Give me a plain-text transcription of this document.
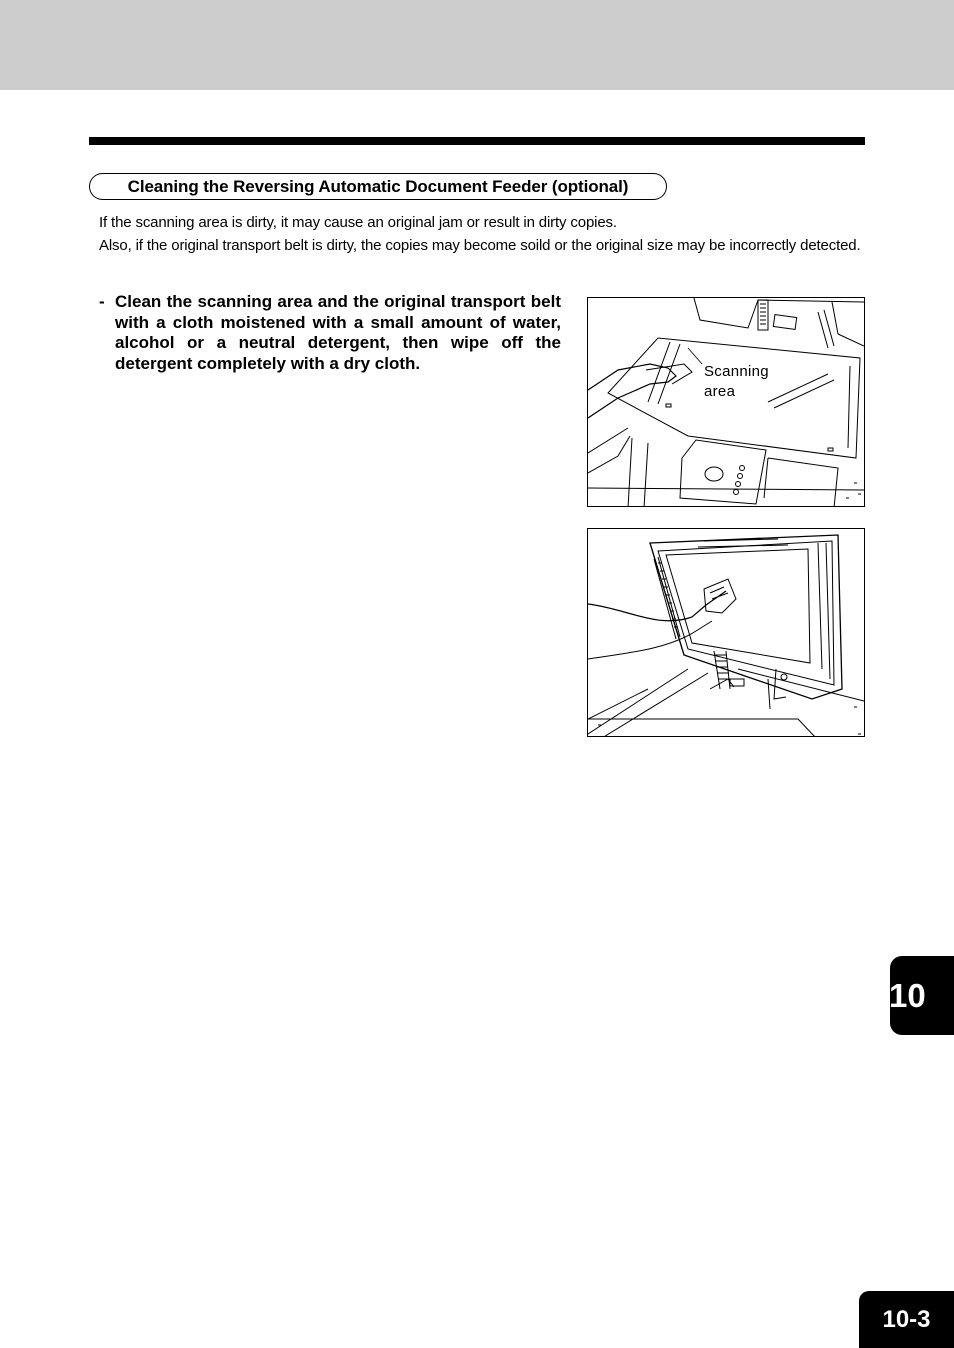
Cleaning the Reversing Automatic Document Feeder (optional)

If the scanning area is dirty, it may cause an original jam or result in dirty copies.

Also, if the original transport belt is dirty, the copies may become soild or the original size may be incorrectly detected.

- Clean the scanning area and the original transport belt with a cloth moistened with a small amount of water, alcohol or a neutral detergent, then wipe off the detergent completely with a dry cloth.	Scanning
area
10
10-3
